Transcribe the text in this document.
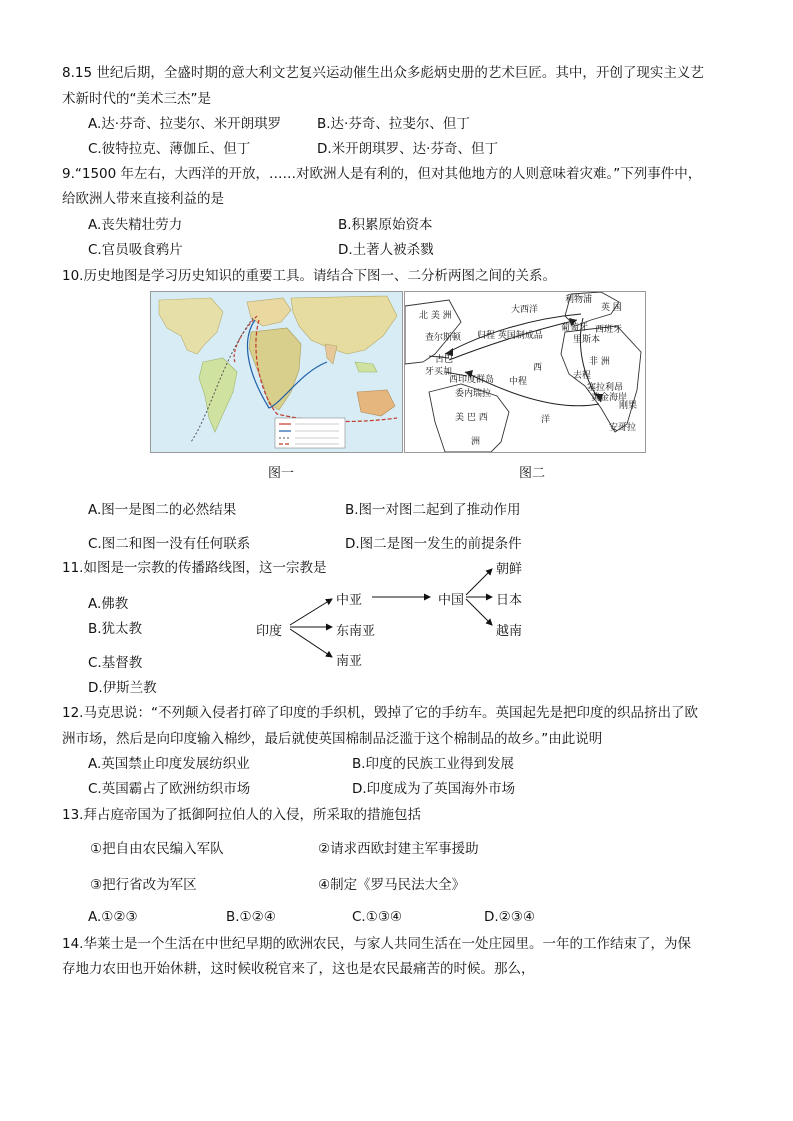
8.15 世纪后期，全盛时期的意大利文艺复兴运动催生出众多彪炳史册的艺术巨匠。其中，开创了现实主义艺
术新时代的“美术三杰”是
A.达·芬奇、拉斐尔、米开朗琪罗	B.达·芬奇、拉斐尔、但丁
C.彼特拉克、薄伽丘、但丁	D.米开朗琪罗、达·芬奇、但丁
9.“1500 年左右，大西洋的开放，……对欧洲人是有利的，但对其他地方的人则意味着灾难。”下列事件中，
给欧洲人带来直接利益的是
A.丧失精壮劳力	B.积累原始资本
C.官员吸食鸦片	D.土著人被杀戮
10.历史地图是学习历史知识的重要工具。请结合下图一、二分析两图之间的关系。
图一
北 美 洲
大西洋
利物浦
英 国
葡萄牙 西班牙
里斯本
查尔斯顿 归程 英国制成品
古巴
牙买加
西印度群岛
委内瑞拉
中程
西
非 洲
塞拉利昂
黄金海岸
刚果
安哥拉
美 巴 西	洋
洲
去程
图二
A.图一是图二的必然结果	B.图一对图二起到了推动作用
C.图二和图一没有任何联系	D.图二是图一发生的前提条件
11.如图是一宗教的传播路线图，这一宗教是
A.佛教
B.犹太教
C.基督教
D.伊斯兰教
印度
中亚
东南亚
南亚
中国
朝鲜
日本
越南
12.马克思说：“不列颠入侵者打碎了印度的手织机，毁掉了它的手纺车。英国起先是把印度的织品挤出了欧
洲市场，然后是向印度输入棉纱，最后就使英国棉制品泛滥于这个棉制品的故乡。”由此说明
A.英国禁止印度发展纺织业	B.印度的民族工业得到发展
C.英国霸占了欧洲纺织市场	D.印度成为了英国海外市场
13.拜占庭帝国为了抵御阿拉伯人的入侵，所采取的措施包括
①把自由农民编入军队	②请求西欧封建主军事援助
③把行省改为军区	④制定《罗马民法大全》
A.①②③	B.①②④	C.①③④	D.②③④
14.华莱士是一个生活在中世纪早期的欧洲农民，与家人共同生活在一处庄园里。一年的工作结束了，为保
存地力农田也开始休耕，这时候收税官来了，这也是农民最痛苦的时候。那么，
